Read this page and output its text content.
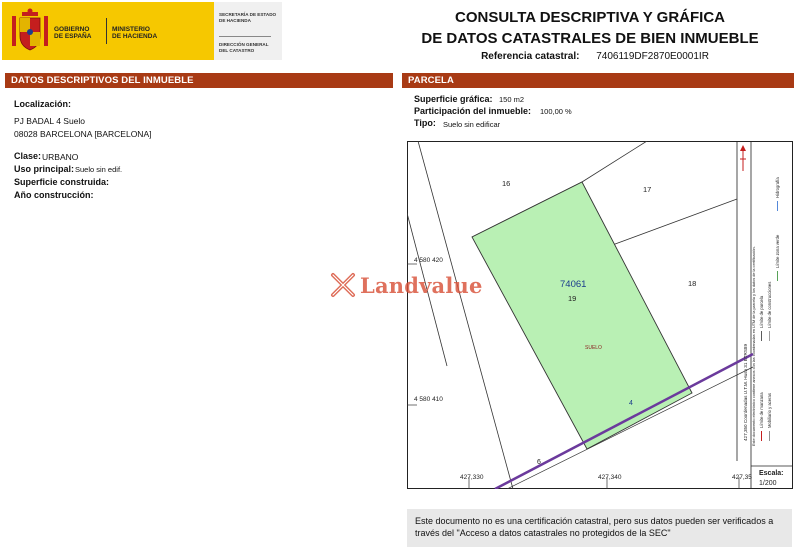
GOBIERNO
DE ESPAÑA
MINISTERIO
DE HACIENDA
SECRETARÍA DE ESTADO
DE HACIENDA
DIRECCIÓN GENERAL
DEL CATASTRO
CONSULTA DESCRIPTIVA Y GRÁFICA
DE DATOS CATASTRALES DE BIEN INMUEBLE
Referencia catastral: 7406119DF2870E0001IR
DATOS DESCRIPTIVOS DEL INMUEBLE	PARCELA
Localización:
PJ BADAL 4 Suelo
08028 BARCELONA [BARCELONA]
Clase: URBANO
Uso principal: Suelo sin edif.
Superficie construida:
Año construcción:
Superficie gráfica: 150 m2
Participación del inmueble: 100,00 %
Tipo: Suelo sin edificar
16
17
18
74061
19
SUELO
4
6
4 580 420
4 580 410
427,330	427,340	427,35
427,350 Coordenadas U.T.M. Huso 31 ETRS89 Este documento electrónico contiene anexos con las coordenadas en UTM de la parcela y los datos de la certificación. Límite de manzana
Límite de parcela Límite de construcciones
Mobiliario y aceras
Límite zona verde
Hidrografía
Escala:
1/200
Landvalue
Este documento no es una certificación catastral, pero sus datos pueden ser verificados a
través del "Acceso a datos catastrales no protegidos de la SEC"
